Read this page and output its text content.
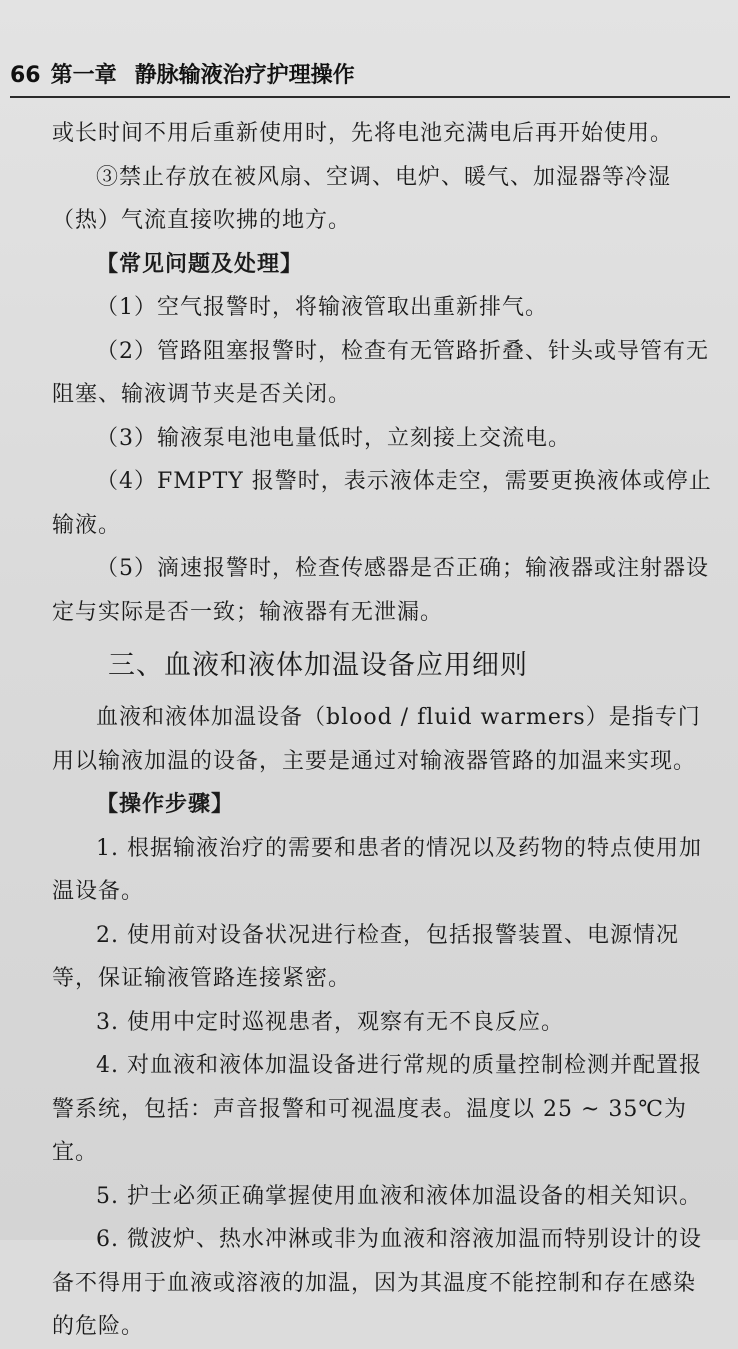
66 第一章 静脉输液治疗护理操作

或长时间不用后重新使用时，先将电池充满电后再开始使用。

③禁止存放在被风扇、空调、电炉、暖气、加湿器等冷湿（热）气流直接吹拂的地方。

【常见问题及处理】

（1）空气报警时，将输液管取出重新排气。

（2）管路阻塞报警时，检查有无管路折叠、针头或导管有无阻塞、输液调节夹是否关闭。

（3）输液泵电池电量低时，立刻接上交流电。

（4）FMPTY 报警时，表示液体走空，需要更换液体或停止输液。

（5）滴速报警时，检查传感器是否正确；输液器或注射器设定与实际是否一致；输液器有无泄漏。

三、血液和液体加温设备应用细则

血液和液体加温设备（blood / fluid warmers）是指专门用以输液加温的设备，主要是通过对输液器管路的加温来实现。

【操作步骤】

1. 根据输液治疗的需要和患者的情况以及药物的特点使用加温设备。

2. 使用前对设备状况进行检查，包括报警装置、电源情况等，保证输液管路连接紧密。

3. 使用中定时巡视患者，观察有无不良反应。

4. 对血液和液体加温设备进行常规的质量控制检测并配置报警系统，包括：声音报警和可视温度表。温度以 25 ~ 35℃为宜。

5. 护士必须正确掌握使用血液和液体加温设备的相关知识。

6. 微波炉、热水冲淋或非为血液和溶液加温而特别设计的设备不得用于血液或溶液的加温，因为其温度不能控制和存在感染的危险。
